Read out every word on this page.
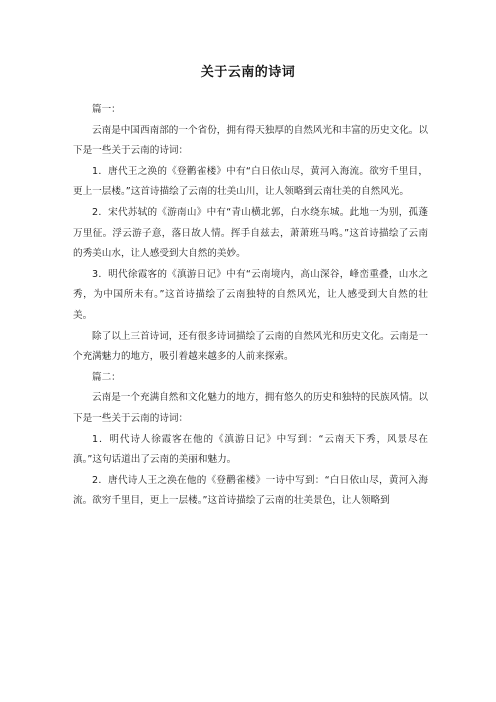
关于云南的诗词

篇一：

云南是中国西南部的一个省份，拥有得天独厚的自然风光和丰富的历史文化。以下是一些关于云南的诗词：

1．唐代王之涣的《登鹳雀楼》中有“白日依山尽，黄河入海流。欲穷千里目，更上一层楼。”这首诗描绘了云南的壮美山川，让人领略到云南壮美的自然风光。

2．宋代苏轼的《游南山》中有“青山横北郭，白水绕东城。此地一为别，孤蓬万里征。浮云游子意，落日故人情。挥手自兹去，萧萧班马鸣。”这首诗描绘了云南的秀美山水，让人感受到大自然的美妙。

3．明代徐霞客的《滇游日记》中有“云南境内，高山深谷，峰峦重叠，山水之秀，为中国所未有。”这首诗描绘了云南独特的自然风光，让人感受到大自然的壮美。

除了以上三首诗词，还有很多诗词描绘了云南的自然风光和历史文化。云南是一个充满魅力的地方，吸引着越来越多的人前来探索。

篇二：

云南是一个充满自然和文化魅力的地方，拥有悠久的历史和独特的民族风情。以下是一些关于云南的诗词：

1．明代诗人徐霞客在他的《滇游日记》中写到：“云南天下秀，风景尽在滇。”这句话道出了云南的美丽和魅力。

2．唐代诗人王之涣在他的《登鹳雀楼》一诗中写到：“白日依山尽，黄河入海流。欲穷千里目，更上一层楼。”这首诗描绘了云南的壮美景色，让人领略到
